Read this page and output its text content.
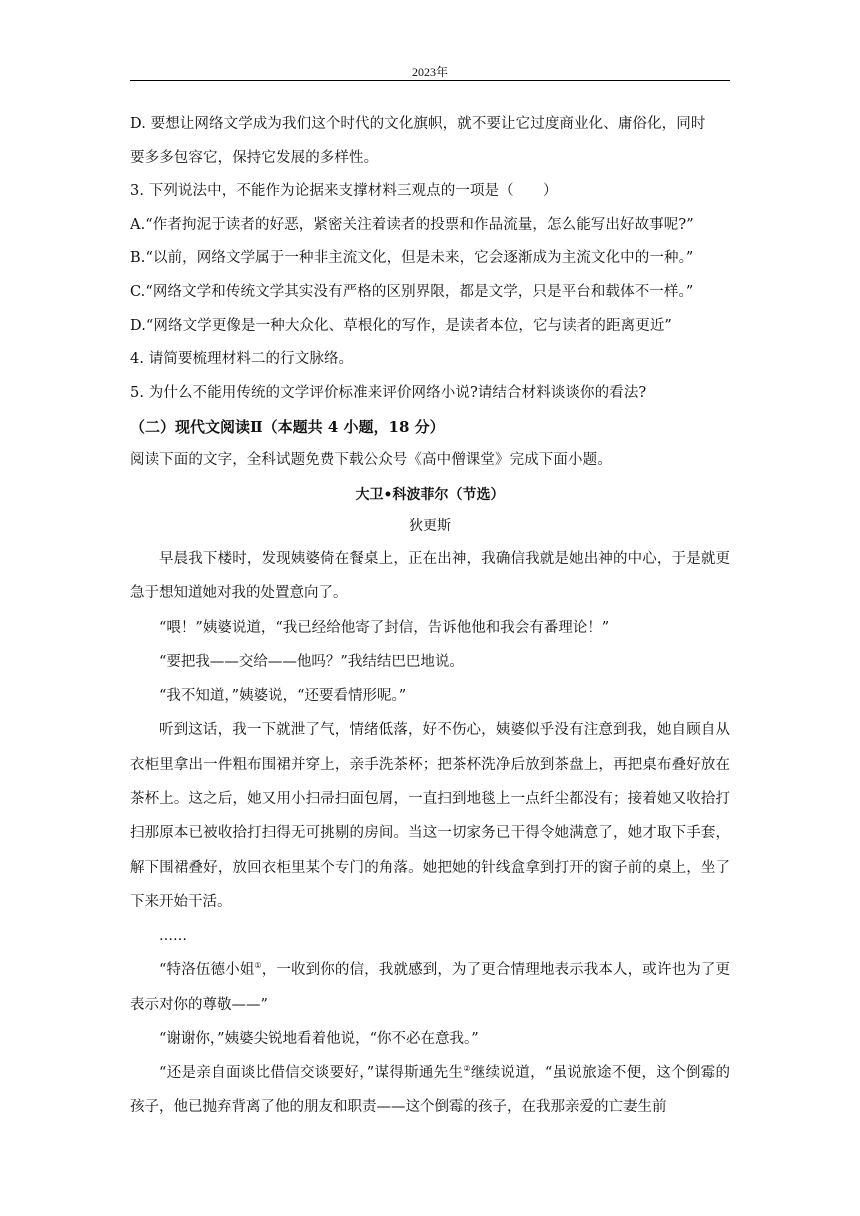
2023年

D. 要想让网络文学成为我们这个时代的文化旗帜，就不要让它过度商业化、庸俗化，同时

要多多包容它，保持它发展的多样性。

3. 下列说法中，不能作为论据来支撑材料三观点的一项是（　　）

A.“作者拘泥于读者的好恶，紧密关注着读者的投票和作品流量，怎么能写出好故事呢?”

B.“以前，网络文学属于一种非主流文化，但是未来，它会逐渐成为主流文化中的一种。”

C.“网络文学和传统文学其实没有严格的区别界限，都是文学，只是平台和载体不一样。”

D.“网络文学更像是一种大众化、草根化的写作，是读者本位，它与读者的距离更近”

4. 请简要梳理材料二的行文脉络。

5. 为什么不能用传统的文学评价标准来评价网络小说?请结合材料谈谈你的看法?

（二）现代文阅读Ⅱ（本题共 4 小题，18 分）

阅读下面的文字，全科试题免费下载公众号《高中僧课堂》完成下面小题。

大卫•科波菲尔（节选）

狄更斯

早晨我下楼时，发现姨婆倚在餐桌上，正在出神，我确信我就是她出神的中心，于是就更急于想知道她对我的处置意向了。

“喂！”姨婆说道，“我已经给他寄了封信，告诉他他和我会有番理论！”

“要把我——交给——他吗？”我结结巴巴地说。

“我不知道，”姨婆说，“还要看情形呢。”

听到这话，我一下就泄了气，情绪低落，好不伤心，姨婆似乎没有注意到我，她自顾自从衣柜里拿出一件粗布围裙并穿上，亲手洗茶杯；把茶杯洗净后放到茶盘上，再把桌布叠好放在茶杯上。这之后，她又用小扫帚扫面包屑，一直扫到地毯上一点纤尘都没有；接着她又收拾打扫那原本已被收拾打扫得无可挑剔的房间。当这一切家务已干得令她满意了，她才取下手套，解下围裙叠好，放回衣柜里某个专门的角落。她把她的针线盒拿到打开的窗子前的桌上，坐了下来开始干活。

……

“特洛伍德小姐①，一收到你的信，我就感到，为了更合情理地表示我本人，或许也为了更表示对你的尊敬——”

“谢谢你，”姨婆尖锐地看着他说，“你不必在意我。”

“还是亲自面谈比借信交谈要好，”谋得斯通先生②继续说道，“虽说旅途不便，这个倒霉的孩子，他已抛弃背离了他的朋友和职责——这个倒霉的孩子，在我那亲爱的亡妻生前
